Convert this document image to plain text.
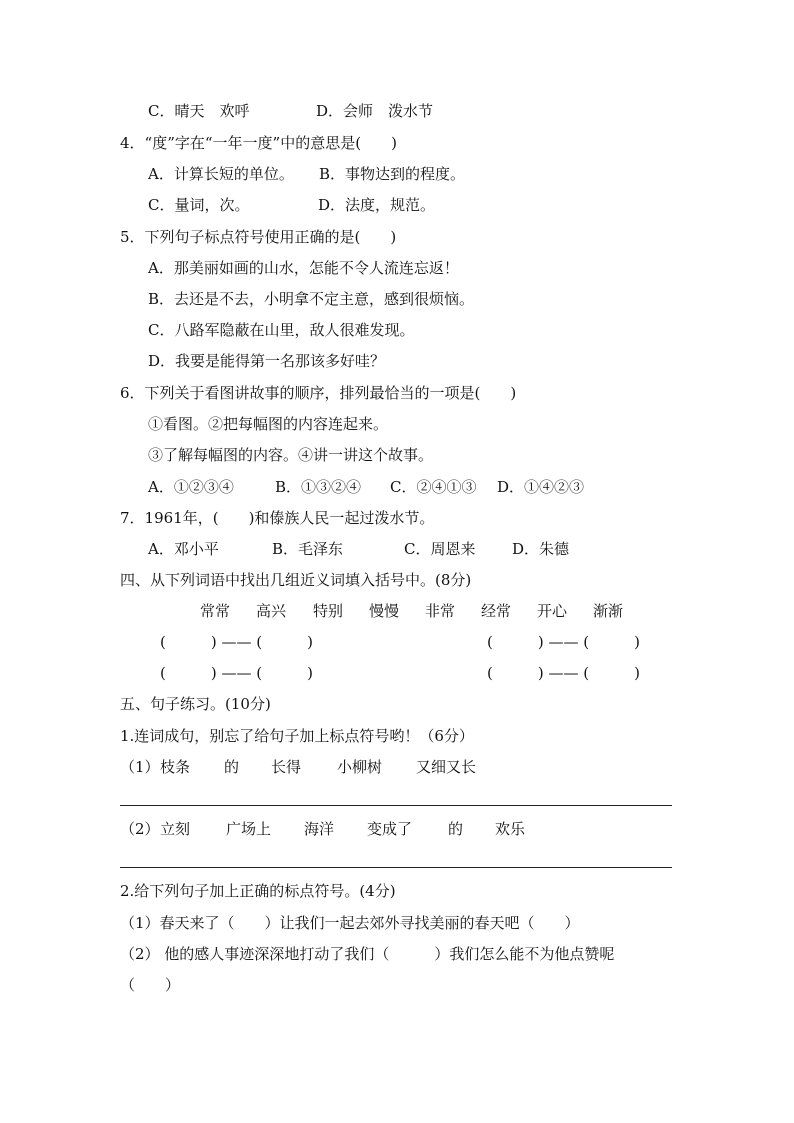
C．晴天　欢呼	D．会师　泼水节
4．“度”字在“一年一度”中的意思是(　　)
A．计算长短的单位。 B．事物达到的程度。
C．量词，次。	D．法度，规范。
5．下列句子标点符号使用正确的是(　　)
A．那美丽如画的山水，怎能不令人流连忘返！
B．去还是不去，小明拿不定主意，感到很烦恼。
C．八路军隐蔽在山里，敌人很难发现。
D．我要是能得第一名那该多好哇？
6．下列关于看图讲故事的顺序，排列最恰当的一项是(　　)
①看图。②把每幅图的内容连起来。
③了解每幅图的内容。④讲一讲这个故事。
A．①②③④	B．①③②④ C．②④①③ D．①④②③
7．1961年，(　　)和傣族人民一起过泼水节。
A．邓小平	B．毛泽东	C．周恩来 D．朱德
四、从下列词语中找出几组近义词填入括号中。(8分)
常常 高兴 特别 慢慢 非常 经常 开心 渐渐
(　　　) —— (　　　)	(　　　) —— (　　　)
(　　　) —— (　　　)	(　　　) —— (　　　)
五、句子练习。(10分)
1.连词成句，别忘了给句子加上标点符号哟！（6分）
（1） 枝条 的 长得 小柳树 又细又长
（2） 立刻 广场上 海洋 变成了 的 欢乐
2.给下列句子加上正确的标点符号。(4分)
（1）春天来了（　　）让我们一起去郊外寻找美丽的春天吧（　　）
（2） 他的感人事迹深深地打动了我们（　　　）我们怎么能不为他点赞呢
（　　）
